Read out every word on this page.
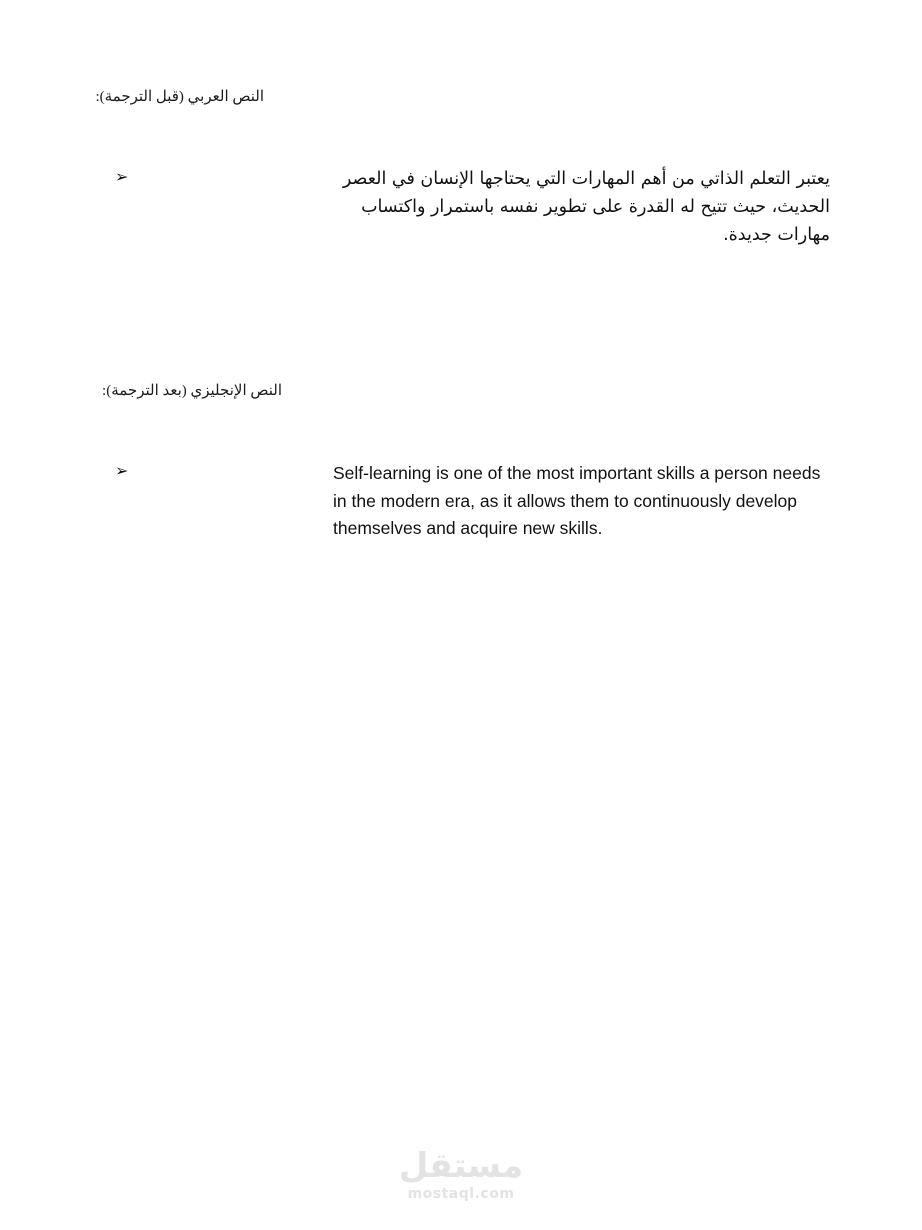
النص العربي (قبل الترجمة):
➢	يعتبر التعلم الذاتي من أهم المهارات التي يحتاجها الإنسان في العصر الحديث، حيث تتيح له القدرة على تطوير نفسه باستمرار واكتساب مهارات جديدة.
النص الإنجليزي (بعد الترجمة):
➢	Self-learning is one of the most important skills a person needs in the modern era, as it allows them to continuously develop themselves and acquire new skills.
مستقل
mostaql.com
